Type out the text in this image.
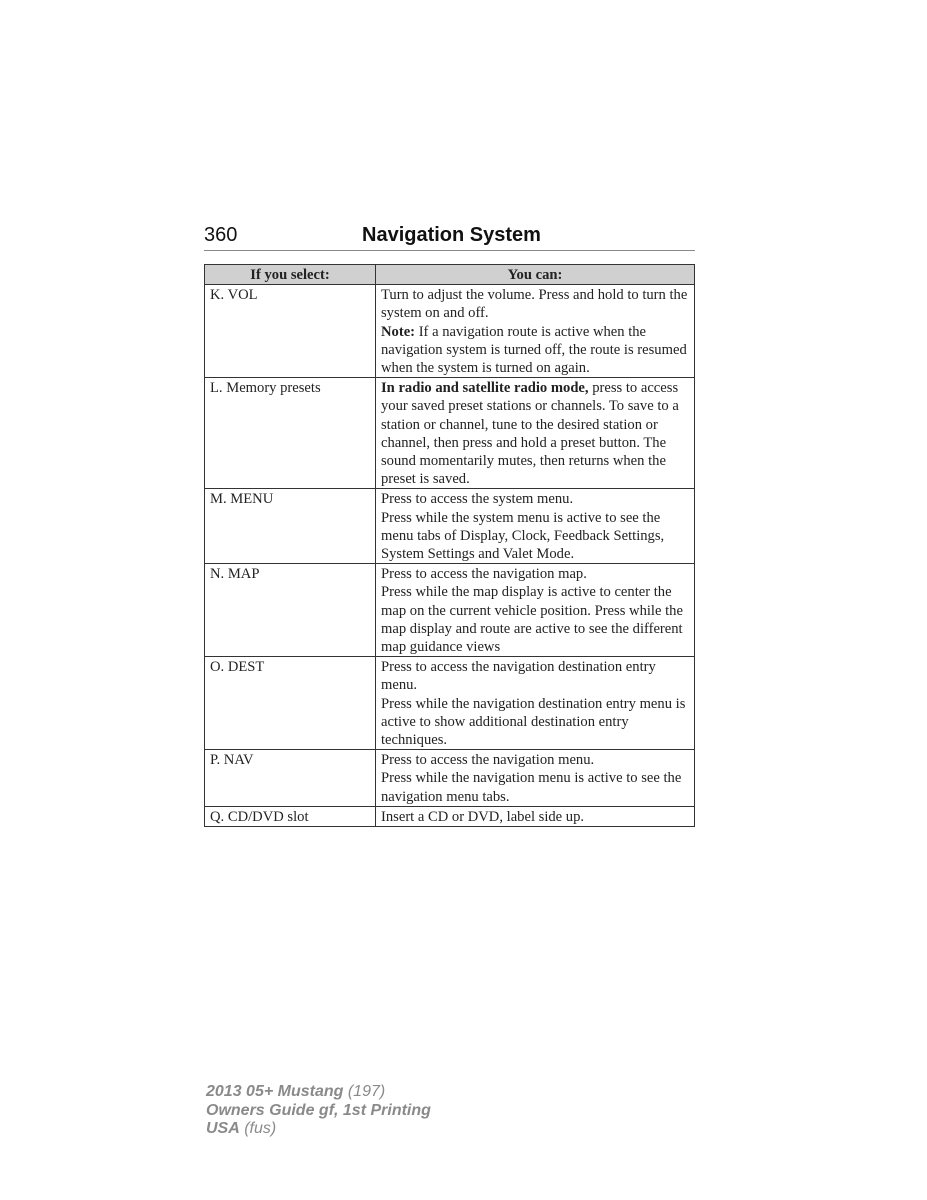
360	Navigation System
If you select:	You can:
K. VOL	Turn to adjust the volume. Press and hold to turn the system on and off.
Note: If a navigation route is active when the navigation system is turned off, the route is resumed when the system is turned on again.

L. Memory presets	In radio and satellite radio mode, press to access your saved preset stations or channels. To save to a station or channel, tune to the desired station or channel, then press and hold a preset button. The sound momentarily mutes, then returns when the preset is saved.

M. MENU	Press to access the system menu.
Press while the system menu is active to see the menu tabs of Display, Clock, Feedback Settings, System Settings and Valet Mode.

N. MAP	Press to access the navigation map.
Press while the map display is active to center the map on the current vehicle position. Press while the map display and route are active to see the different map guidance views

O. DEST	Press to access the navigation destination entry menu.
Press while the navigation destination entry menu is active to show additional destination entry techniques.

P. NAV	Press to access the navigation menu.
Press while the navigation menu is active to see the navigation menu tabs.

Q. CD/DVD slot	Insert a CD or DVD, label side up.
2013 05+ Mustang (197)
Owners Guide gf, 1st Printing
USA (fus)
